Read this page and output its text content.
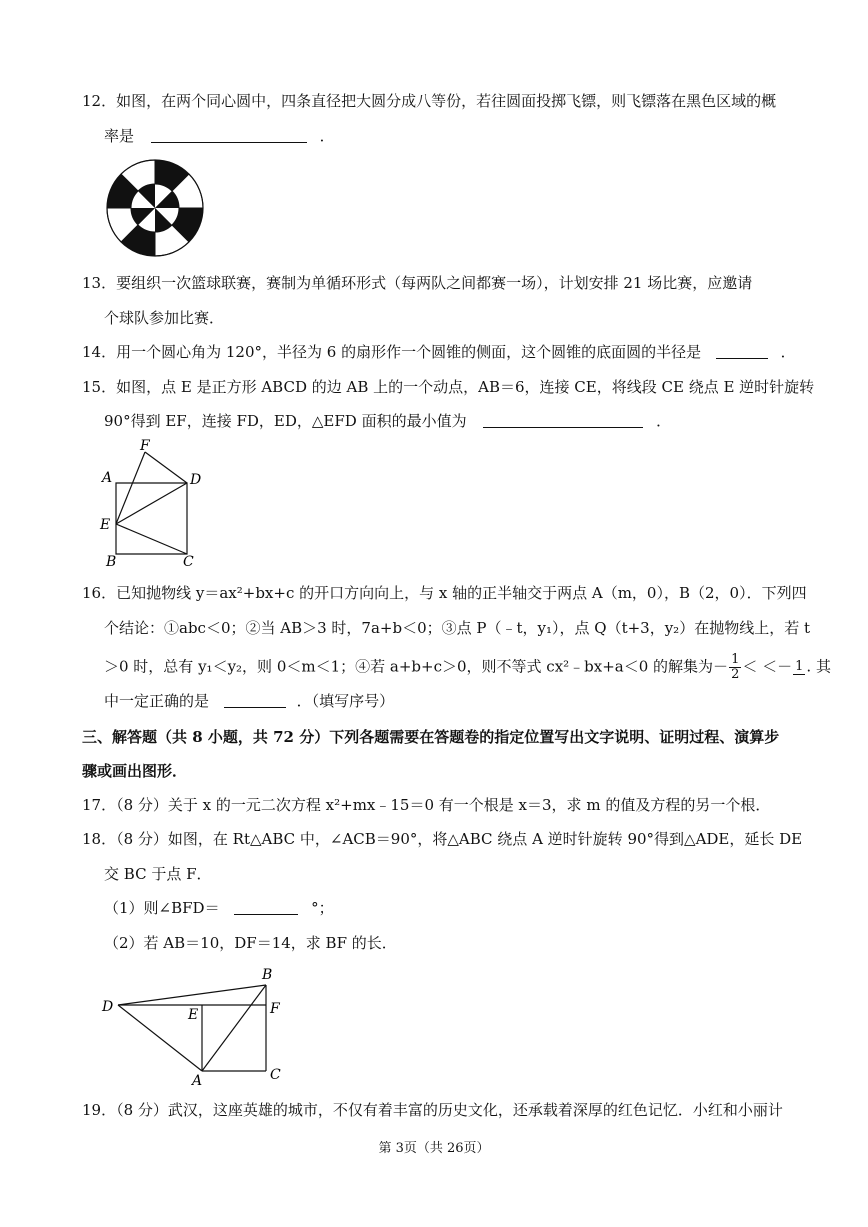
12．如图，在两个同心圆中，四条直径把大圆分成八等份，若往圆面投掷飞镖，则飞镖落在黑色区域的概
率是	．
13．要组织一次篮球联赛，赛制为单循环形式（每两队之间都赛一场），计划安排 21 场比赛，应邀请
个球队参加比赛．
14．用一个圆心角为 120°，半径为 6 的扇形作一个圆锥的侧面，这个圆锥的底面圆的半径是	．
15．如图，点 E 是正方形 ABCD 的边 AB 上的一个动点，AB＝6，连接 CE，将线段 CE 绕点 E 逆时针旋转
90°得到 EF，连接 FD，ED，△EFD 面积的最小值为	．
F
A	D
E
B	C
16．已知抛物线 y＝ax²+bx+c 的开口方向向上，与 x 轴的正半轴交于两点 A（m，0），B（2，0）．下列四
个结论：①abc＜0；②当 AB＞3 时，7a+b＜0；③点 P（﹣t，y₁），点 Q（t+3，y₂）在抛物线上，若 t
＞0 时，总有 y₁＜y₂，则 0＜m＜1；④若 a+b+c＞0，则不等式 cx²﹣bx+a＜0 的解集为－ $\frac{1}{2}$ ＜ ＜－ 1 . 其
中一定正确的是	．（填写序号）
三、解答题（共 8 小题，共 72 分）下列各题需要在答题卷的指定位置写出文字说明、证明过程、演算步
骤或画出图形．
17．（8 分）关于 x 的一元二次方程 x²+mx﹣15＝0 有一个根是 x＝3，求 m 的值及方程的另一个根．
18．（8 分）如图，在 Rt△ABC 中，∠ACB＝90°，将△ABC 绕点 A 逆时针旋转 90°得到△ADE，延长 DE
交 BC 于点 F．
（1）则∠BFD＝	°；
（2）若 AB＝10，DF＝14，求 BF 的长．
B
D	E	F
A	C
19．（8 分）武汉，这座英雄的城市，不仅有着丰富的历史文化，还承载着深厚的红色记忆．小红和小丽计
第 3页（共 26页）
